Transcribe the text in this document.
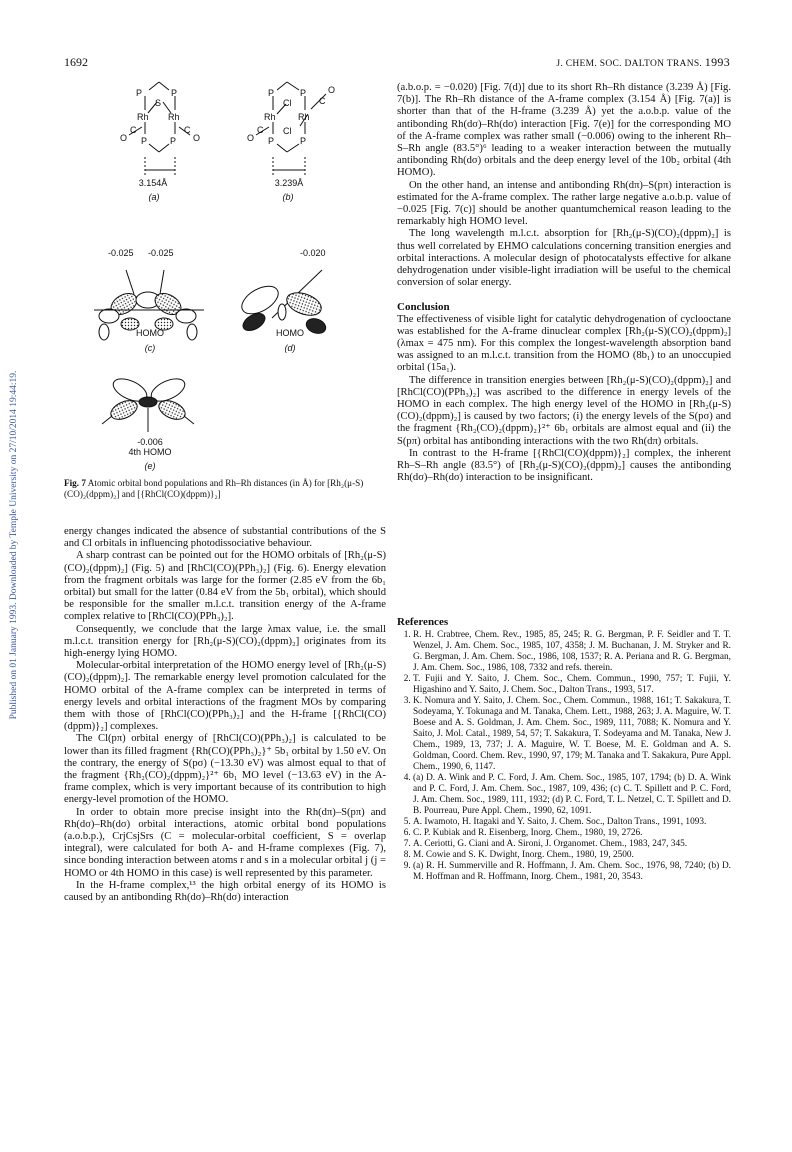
1692	J. CHEM. SOC. DALTON TRANS. 1993
Published on 01 January 1993. Downloaded by Temple University on 27/10/2014 19:44:19.
P	P
S
Rh Rh
C	C
O	O
P	P
3.154Å
(a)
P	P
Cl	C
O
Rh Rh
C
O
Cl
P	P
3.239Å
(b)
-0.025 -0.025	-0.020
HOMO
(c)
HOMO
(d)
-0.006
4th HOMO
(e)
Fig. 7 Atomic orbital bond populations and Rh–Rh distances (in Å) for [Rh₂(μ-S)(CO)₂(dppm)₂] and [{RhCl(CO)(dppm)}₂]

energy changes indicated the absence of substantial contributions of the S and Cl orbitals in influencing photodissociative behaviour.

A sharp contrast can be pointed out for the HOMO orbitals of [Rh₂(μ-S)(CO)₂(dppm)₂] (Fig. 5) and [RhCl(CO)(PPh₃)₂] (Fig. 6). Energy elevation from the fragment orbitals was large for the former (2.85 eV from the 6b₁ orbital) but small for the latter (0.84 eV from the 5b₁ orbital), which should be responsible for the smaller m.l.c.t. transition energy of the A-frame complex relative to [RhCl(CO)(PPh₃)₂].

Consequently, we conclude that the large λmax value, i.e. the small m.l.c.t. transition energy for [Rh₂(μ-S)(CO)₂(dppm)₂] originates from its high-energy lying HOMO.

Molecular-orbital interpretation of the HOMO energy level of [Rh₂(μ-S)(CO)₂(dppm)₂]. The remarkable energy level promotion calculated for the HOMO orbital of the A-frame complex can be interpreted in terms of energy levels and orbital interactions of the fragment MOs by comparing them with those of [RhCl(CO)(PPh₃)₂] and the H-frame [{RhCl(CO)(dppm)}₂] complexes.

The Cl(pπ) orbital energy of [RhCl(CO)(PPh₃)₂] is calculated to be lower than its filled fragment {Rh(CO)(PPh₃)₂}⁺ 5b₁ orbital by 1.50 eV. On the contrary, the energy of S(pσ) (−13.30 eV) was almost equal to that of the fragment {Rh₂(CO)₂(dppm)₂}²⁺ 6b₁ MO level (−13.63 eV) in the A-frame complex, which is very important because of its contribution to high energy-level promotion of the HOMO.

In order to obtain more precise insight into the Rh(dπ)–S(pπ) and Rh(dσ)–Rh(dσ) orbital interactions, atomic orbital bond populations (a.o.b.p.), CrjCsjSrs (C = molecular-orbital coefficient, S = overlap integral), were calculated for both A- and H-frame complexes (Fig. 7), since bonding interaction between atoms r and s in a molecular orbital j (j = HOMO or 4th HOMO in this case) is well represented by this parameter.

In the H-frame complex,¹³ the high orbital energy of its HOMO is caused by an antibonding Rh(dσ)–Rh(dσ) interaction

(a.b.o.p. = −0.020) [Fig. 7(d)] due to its short Rh–Rh distance (3.239 Å) [Fig. 7(b)]. The Rh–Rh distance of the A-frame complex (3.154 Å) [Fig. 7(a)] is shorter than that of the H-frame (3.239 Å) yet the a.o.b.p. value of the antibonding Rh(dσ)–Rh(dσ) interaction [Fig. 7(e)] for the corresponding MO of the A-frame complex was rather small (−0.006) owing to the inherent Rh–S–Rh angle (83.5°)⁶ leading to a weaker interaction between the mutually antibonding Rh(dσ) orbitals and the deep energy level of the 10b₂ orbital (4th HOMO).

On the other hand, an intense and antibonding Rh(dπ)–S(pπ) interaction is estimated for the A-frame complex. The rather large negative a.o.b.p. value of −0.025 [Fig. 7(c)] should be another quantumchemical reason leading to the remarkably high HOMO level.

The long wavelength m.l.c.t. absorption for [Rh₂(μ-S)(CO)₂(dppm)₂] is thus well correlated by EHMO calculations concerning transition energies and orbital interactions. A molecular design of photocatalysts effective for alkane dehydrogenation under visible-light irradiation will be useful to the chemical conversion of solar energy.

Conclusion

The effectiveness of visible light for catalytic dehydrogenation of cyclooctane was established for the A-frame dinuclear complex [Rh₂(μ-S)(CO)₂(dppm)₂] (λmax = 475 nm). For this complex the longest-wavelength absorption band was assigned to an m.l.c.t. transition from the HOMO (8b₁) to an unoccupied orbital (15a₁).

The difference in transition energies between [Rh₂(μ-S)(CO)₂(dppm)₂] and [RhCl(CO)(PPh₃)₂] was ascribed to the difference in energy levels of the HOMO in each complex. The high energy level of the HOMO in [Rh₂(μ-S)(CO)₂(dppm)₂] is caused by two factors; (i) the energy levels of the S(pσ) and the fragment {Rh₂(CO)₂(dppm)₂}²⁺ 6b₁ orbitals are almost equal and (ii) the S(pπ) orbital has antibonding interactions with the two Rh(dπ) orbitals.

In contrast to the H-frame [{RhCl(CO)(dppm)}₂] complex, the inherent Rh–S–Rh angle (83.5°) of [Rh₂(μ-S)(CO)₂(dppm)₂] causes the antibonding Rh(dσ)–Rh(dσ) interaction to be insignificant.

References
1. R. H. Crabtree, Chem. Rev., 1985, 85, 245; R. G. Bergman, P. F. Seidler and T. T. Wenzel, J. Am. Chem. Soc., 1985, 107, 4358; J. M. Buchanan, J. M. Stryker and R. G. Bergman, J. Am. Chem. Soc., 1986, 108, 1537; R. A. Periana and R. G. Bergman, J. Am. Chem. Soc., 1986, 108, 7332 and refs. therein.
2. T. Fujii and Y. Saito, J. Chem. Soc., Chem. Commun., 1990, 757; T. Fujii, Y. Higashino and Y. Saito, J. Chem. Soc., Dalton Trans., 1993, 517.
3. K. Nomura and Y. Saito, J. Chem. Soc., Chem. Commun., 1988, 161; T. Sakakura, T. Sodeyama, Y. Tokunaga and M. Tanaka, Chem. Lett., 1988, 263; J. A. Maguire, W. T. Boese and A. S. Goldman, J. Am. Chem. Soc., 1989, 111, 7088; K. Nomura and Y. Saito, J. Mol. Catal., 1989, 54, 57; T. Sakakura, T. Sodeyama and M. Tanaka, New J. Chem., 1989, 13, 737; J. A. Maguire, W. T. Boese, M. E. Goldman and A. S. Goldman, Coord. Chem. Rev., 1990, 97, 179; M. Tanaka and T. Sakakura, Pure Appl. Chem., 1990, 6, 1147.
4. (a) D. A. Wink and P. C. Ford, J. Am. Chem. Soc., 1985, 107, 1794; (b) D. A. Wink and P. C. Ford, J. Am. Chem. Soc., 1987, 109, 436; (c) C. T. Spillett and P. C. Ford, J. Am. Chem. Soc., 1989, 111, 1932; (d) P. C. Ford, T. L. Netzel, C. T. Spillett and D. B. Pourreau, Pure Appl. Chem., 1990, 62, 1091.
5. A. Iwamoto, H. Itagaki and Y. Saito, J. Chem. Soc., Dalton Trans., 1991, 1093.
6. C. P. Kubiak and R. Eisenberg, Inorg. Chem., 1980, 19, 2726.
7. A. Ceriotti, G. Ciani and A. Sironi, J. Organomet. Chem., 1983, 247, 345.
8. M. Cowie and S. K. Dwight, Inorg. Chem., 1980, 19, 2500.
9. (a) R. H. Summerville and R. Hoffmann, J. Am. Chem. Soc., 1976, 98, 7240; (b) D. M. Hoffman and R. Hoffmann, Inorg. Chem., 1981, 20, 3543.
